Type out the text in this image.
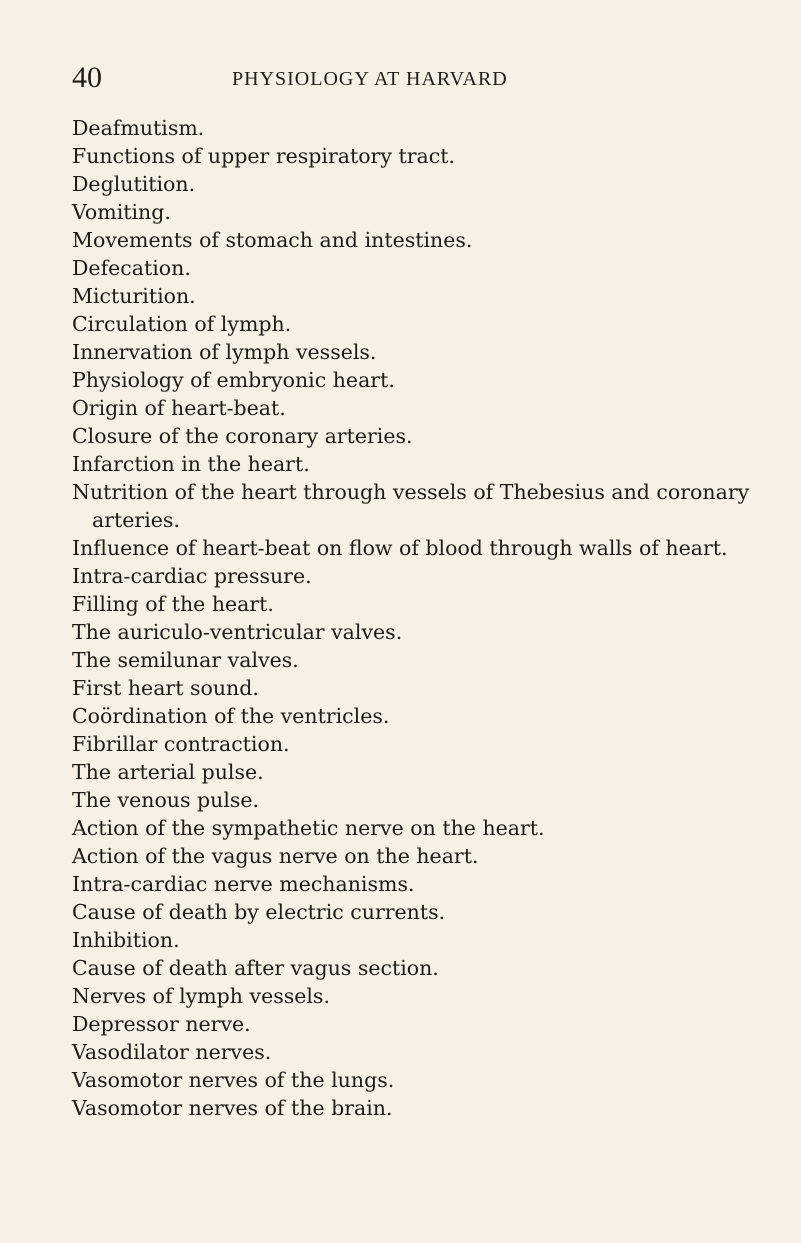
40	PHYSIOLOGY AT HARVARD
Deafmutism.
Functions of upper respiratory tract.
Deglutition.
Vomiting.
Movements of stomach and intestines.
Defecation.
Micturition.
Circulation of lymph.
Innervation of lymph vessels.
Physiology of embryonic heart.
Origin of heart-beat.
Closure of the coronary arteries.
Infarction in the heart.
Nutrition of the heart through vessels of Thebesius and coronary arteries.
Influence of heart-beat on flow of blood through walls of heart.
Intra-cardiac pressure.
Filling of the heart.
The auriculo-ventricular valves.
The semilunar valves.
First heart sound.
Coördination of the ventricles.
Fibrillar contraction.
The arterial pulse.
The venous pulse.
Action of the sympathetic nerve on the heart.
Action of the vagus nerve on the heart.
Intra-cardiac nerve mechanisms.
Cause of death by electric currents.
Inhibition.
Cause of death after vagus section.
Nerves of lymph vessels.
Depressor nerve.
Vasodilator nerves.
Vasomotor nerves of the lungs.
Vasomotor nerves of the brain.
